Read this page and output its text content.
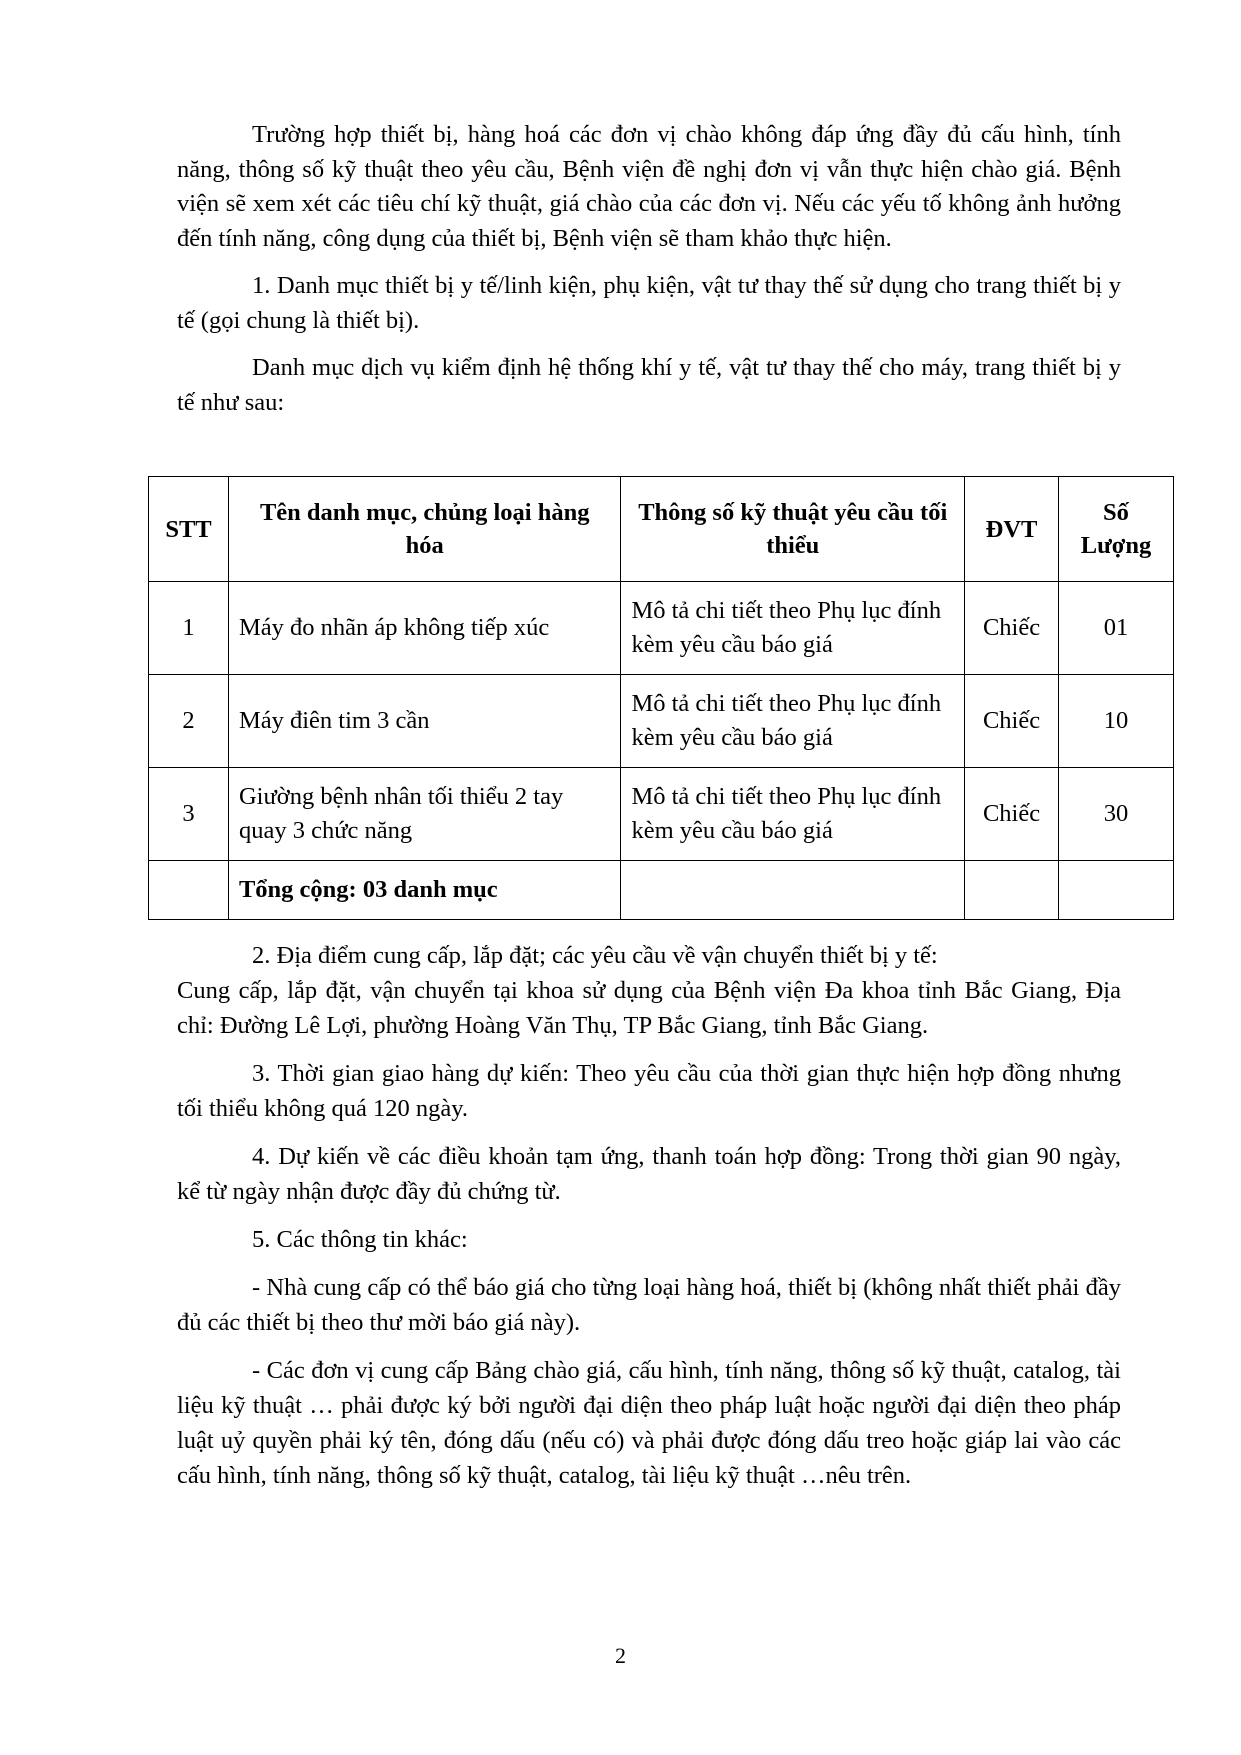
Trường hợp thiết bị, hàng hoá các đơn vị chào không đáp ứng đầy đủ cấu hình, tính năng, thông số kỹ thuật theo yêu cầu, Bệnh viện đề nghị đơn vị vẫn thực hiện chào giá. Bệnh viện sẽ xem xét các tiêu chí kỹ thuật, giá chào của các đơn vị. Nếu các yếu tố không ảnh hưởng đến tính năng, công dụng của thiết bị, Bệnh viện sẽ tham khảo thực hiện.

1. Danh mục thiết bị y tế/linh kiện, phụ kiện, vật tư thay thế sử dụng cho trang thiết bị y tế (gọi chung là thiết bị).

Danh mục dịch vụ kiểm định hệ thống khí y tế, vật tư thay thế cho máy, trang thiết bị y tế như sau:

STT	Tên danh mục, chủng loại hàng hóa	Thông số kỹ thuật yêu cầu tối thiểu	ĐVT	Số Lượng
1	Máy đo nhãn áp không tiếp xúc	Mô tả chi tiết theo Phụ lục đính kèm yêu cầu báo giá	Chiếc	01
2	Máy điên tim 3 cần	Mô tả chi tiết theo Phụ lục đính kèm yêu cầu báo giá	Chiếc	10
3	Giường bệnh nhân tối thiểu 2 tay quay 3 chức năng	Mô tả chi tiết theo Phụ lục đính kèm yêu cầu báo giá	Chiếc	30
	Tổng cộng: 03 danh mục			

2. Địa điểm cung cấp, lắp đặt; các yêu cầu về vận chuyển thiết bị y tế:

Cung cấp, lắp đặt, vận chuyển tại khoa sử dụng của Bệnh viện Đa khoa tỉnh Bắc Giang, Địa chỉ: Đường Lê Lợi, phường Hoàng Văn Thụ, TP Bắc Giang, tỉnh Bắc Giang.

3. Thời gian giao hàng dự kiến: Theo yêu cầu của thời gian thực hiện hợp đồng nhưng tối thiểu không quá 120 ngày.

4. Dự kiến về các điều khoản tạm ứng, thanh toán hợp đồng: Trong thời gian 90 ngày, kể từ ngày nhận được đầy đủ chứng từ.

5. Các thông tin khác:

- Nhà cung cấp có thể báo giá cho từng loại hàng hoá, thiết bị (không nhất thiết phải đầy đủ các thiết bị theo thư mời báo giá này).

- Các đơn vị cung cấp Bảng chào giá, cấu hình, tính năng, thông số kỹ thuật, catalog, tài liệu kỹ thuật … phải được ký bởi người đại diện theo pháp luật hoặc người đại diện theo pháp luật uỷ quyền phải ký tên, đóng dấu (nếu có) và phải được đóng dấu treo hoặc giáp lai vào các cấu hình, tính năng, thông số kỹ thuật, catalog, tài liệu kỹ thuật …nêu trên.

2
